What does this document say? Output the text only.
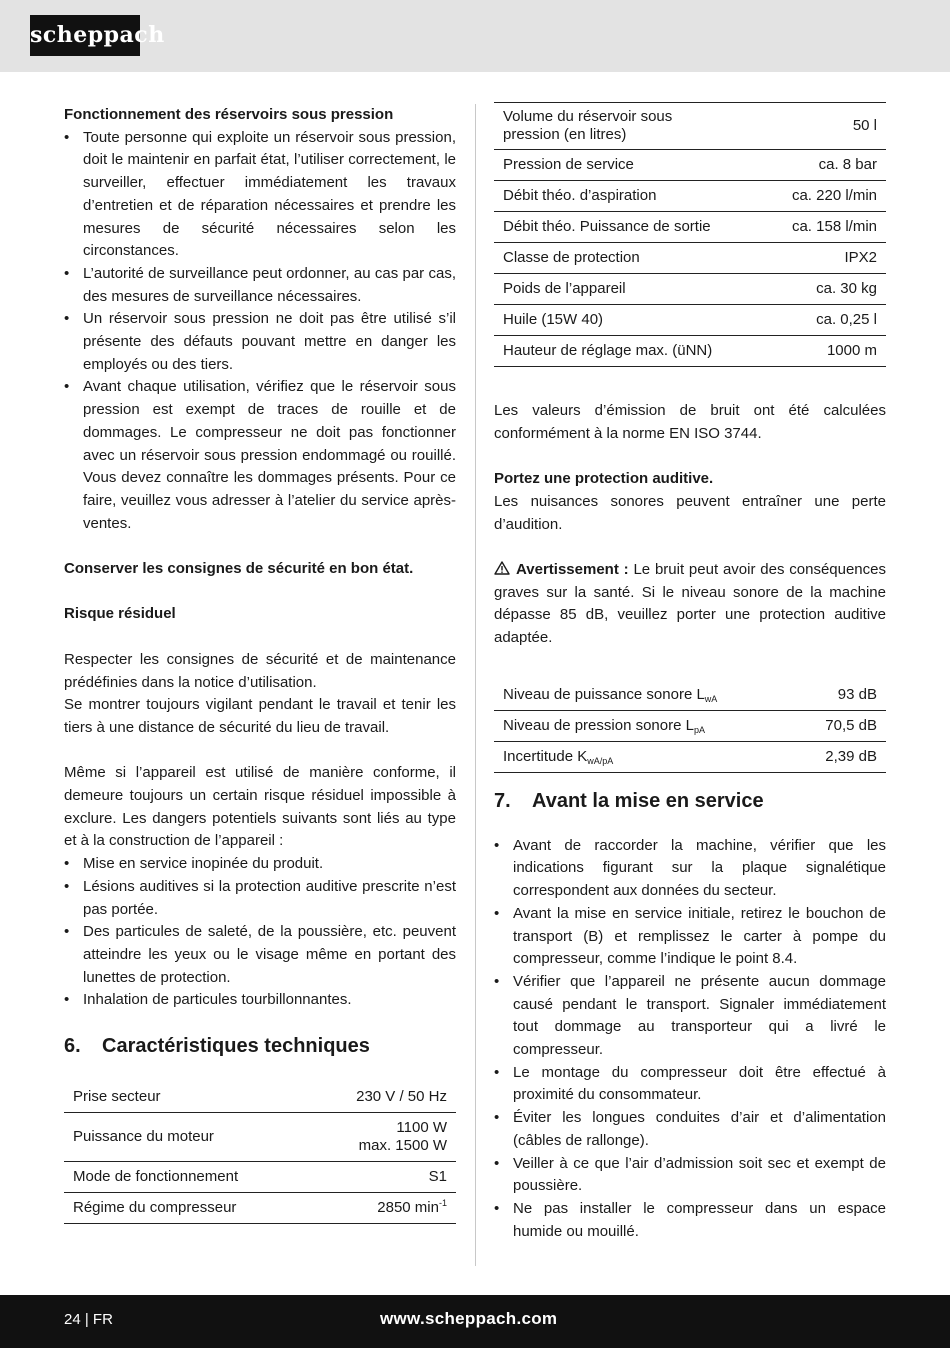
scheppach

Fonctionnement des réservoirs sous pression

• Toute personne qui exploite un réservoir sous pression, doit le maintenir en parfait état, l’utiliser correctement, le surveiller, effectuer immédiatement les travaux d’entretien et de réparation nécessaires et prendre les mesures de sécurité nécessaires selon les circonstances.
• L’autorité de surveillance peut ordonner, au cas par cas, des mesures de surveillance nécessaires.
• Un réservoir sous pression ne doit pas être utilisé s’il présente des défauts pouvant mettre en danger les employés ou des tiers.
• Avant chaque utilisation, vérifiez que le réservoir sous pression est exempt de traces de rouille et de dommages. Le compresseur ne doit pas fonctionner avec un réservoir sous pression endommagé ou rouillé. Vous devez connaître les dommages présents. Pour ce faire, veuillez vous adresser à l’atelier du service après-ventes.

Conserver les consignes de sécurité en bon état.

Risque résiduel

Respecter les consignes de sécurité et de maintenance prédéfinies dans la notice d’utilisation.

Se montrer toujours vigilant pendant le travail et tenir les tiers à une distance de sécurité du lieu de travail.

Même si l’appareil est utilisé de manière conforme, il demeure toujours un certain risque résiduel impossible à exclure. Les dangers potentiels suivants sont liés au type et à la construction de l’appareil :

• Mise en service inopinée du produit.
• Lésions auditives si la protection auditive prescrite n’est pas portée.
• Des particules de saleté, de la poussière, etc. peuvent atteindre les yeux ou le visage même en portant des lunettes de protection.
• Inhalation de particules tourbillonnantes.
6. Caractéristiques techniques
Prise secteur	230 V / 50 Hz
Puissance du moteur	1100 W
max. 1500 W
Mode de fonctionnement	S1
Régime du compresseur	2850 $\min^{-1}$
Volume du réservoir sous pression (en litres)	50 l
Pression de service	ca. 8 bar
Débit théo. d’aspiration	ca. 220 l/min
Débit théo. Puissance de sortie	ca. 158 l/min
Classe de protection	IPX2
Poids de l’appareil	ca. 30 kg
Huile (15W 40)	ca. 0,25 l
Hauteur de réglage max. (üNN)	1000 m

Les valeurs d’émission de bruit ont été calculées conformément à la norme EN ISO 3744.

Portez une protection auditive.

Les nuisances sonores peuvent entraîner une perte d’audition.

Avertissement : Le bruit peut avoir des conséquences graves sur la santé. Si le niveau sonore de la machine dépasse 85 dB, veuillez porter une protection auditive adaptée.

Niveau de puissance sonore $L_{wA}$	93 dB
Niveau de pression sonore $L_{pA}$	70,5 dB
Incertitude $K_{wA/pA}$	2,39 dB
7. Avant la mise en service
• Avant de raccorder la machine, vérifier que les indications figurant sur la plaque signalétique correspondent aux données du secteur.
• Avant la mise en service initiale, retirez le bouchon de transport (B) et remplissez le carter à pompe du compresseur, comme l’indique le point 8.4.
• Vérifier que l’appareil ne présente aucun dommage causé pendant le transport. Signaler immédiatement tout dommage au transporteur qui a livré le compresseur.
• Le montage du compresseur doit être effectué à proximité du consommateur.
• Éviter les longues conduites d’air et d’alimentation (câbles de rallonge).
• Veiller à ce que l’air d’admission soit sec et exempt de poussière.
• Ne pas installer le compresseur dans un espace humide ou mouillé.
24 | FR	www.scheppach.com
